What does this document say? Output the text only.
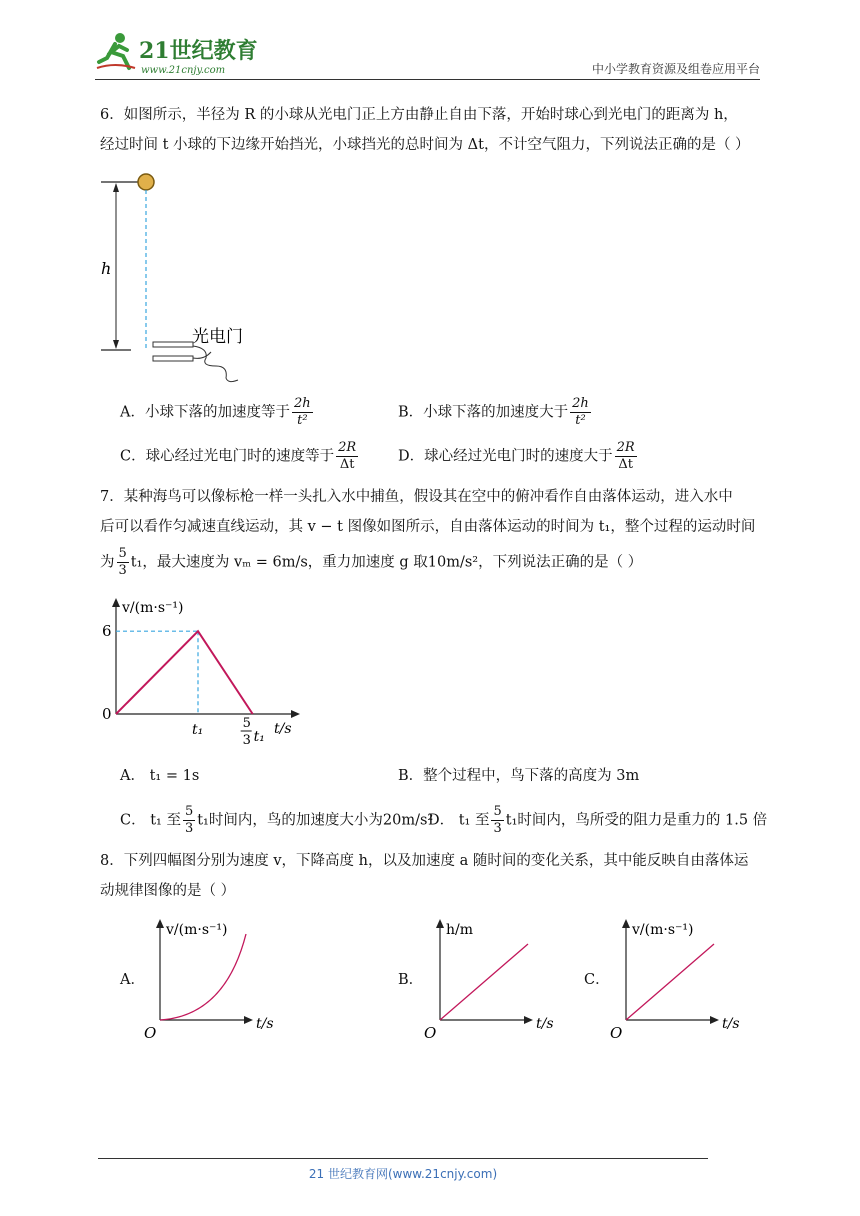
21世纪教育
www.21cnjy.com	中小学教育资源及组卷应用平台
6．如图所示，半径为 R 的小球从光电门正上方由静止自由下落，开始时球心到光电门的距离为 h，
经过时间 t 小球的下边缘开始挡光，小球挡光的总时间为 Δt，不计空气阻力，下列说法正确的是（ ）
h
光电门
A．小球下落的加速度等于 $\frac{2h}{\text{t²}}$	B．小球下落的加速度大于 $\frac{2h}{\text{t²}}$
C．球心经过光电门时的速度等于 $\frac{2R}{\Delta t}$	D．球心经过光电门时的速度大于 $\frac{2R}{\Delta t}$
7．某种海鸟可以像标枪一样一头扎入水中捕鱼，假设其在空中的俯冲看作自由落体运动，进入水中
后可以看作匀减速直线运动，其 v − t 图像如图所示，自由落体运动的时间为 t₁，整个过程的运动时间
为 $\frac{5}{3} t_1$，最大速度为 vₘ = 6m/s，重力加速度 g 取10m/s²，下列说法正确的是（ ）
v/(m·s⁻¹)
t/s
0
6
t₁	5
3 t₁
A． t₁ = 1s	B．整个过程中，鸟下落的高度为 3m
C． t₁ 至 $\frac{5}{3} t_1$时间内，鸟的加速度大小为20m/s²
D． t₁ 至 $\frac{5}{3} t_1$时间内，鸟所受的阻力是重力的 1.5 倍
8．下列四幅图分别为速度 v，下降高度 h，以及加速度 a 随时间的变化关系，其中能反映自由落体运
动规律图像的是（ ）
A．
v/(m·s⁻¹)
t/s
O
B．
h/m
t/s
O
C．
v/(m·s⁻¹)
t/s
O
21 世纪教育网(www.21cnjy.com)
